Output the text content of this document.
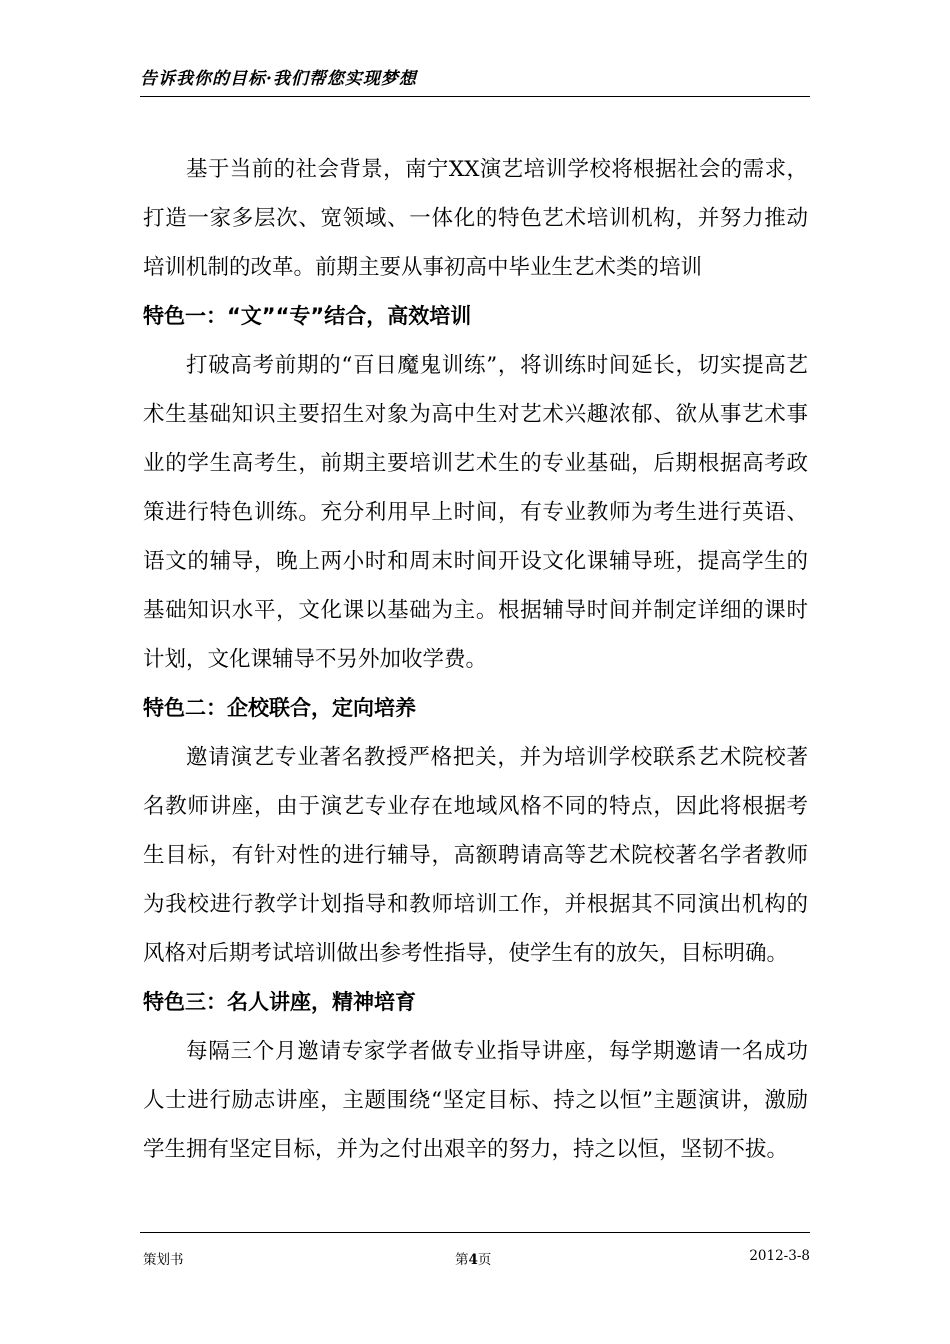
告诉我你的目标·我们帮您实现梦想

基于当前的社会背景，南宁XX演艺培训学校将根据社会的需求，打造一家多层次、宽领域、一体化的特色艺术培训机构，并努力推动培训机制的改革。前期主要从事初高中毕业生艺术类的培训

特色一：“文”“专”结合，高效培训

打破高考前期的“百日魔鬼训练”，将训练时间延长，切实提高艺术生基础知识主要招生对象为高中生对艺术兴趣浓郁、欲从事艺术事业的学生高考生，前期主要培训艺术生的专业基础，后期根据高考政策进行特色训练。充分利用早上时间，有专业教师为考生进行英语、语文的辅导，晚上两小时和周末时间开设文化课辅导班，提高学生的基础知识水平，文化课以基础为主。根据辅导时间并制定详细的课时计划，文化课辅导不另外加收学费。

特色二：企校联合，定向培养

邀请演艺专业著名教授严格把关，并为培训学校联系艺术院校著名教师讲座，由于演艺专业存在地域风格不同的特点，因此将根据考生目标，有针对性的进行辅导，高额聘请高等艺术院校著名学者教师为我校进行教学计划指导和教师培训工作，并根据其不同演出机构的风格对后期考试培训做出参考性指导，使学生有的放矢，目标明确。

特色三：名人讲座，精神培育

每隔三个月邀请专家学者做专业指导讲座，每学期邀请一名成功人士进行励志讲座，主题围绕“坚定目标、持之以恒”主题演讲，激励学生拥有坚定目标，并为之付出艰辛的努力，持之以恒，坚韧不拔。

策划书	第4页	2012-3-8
